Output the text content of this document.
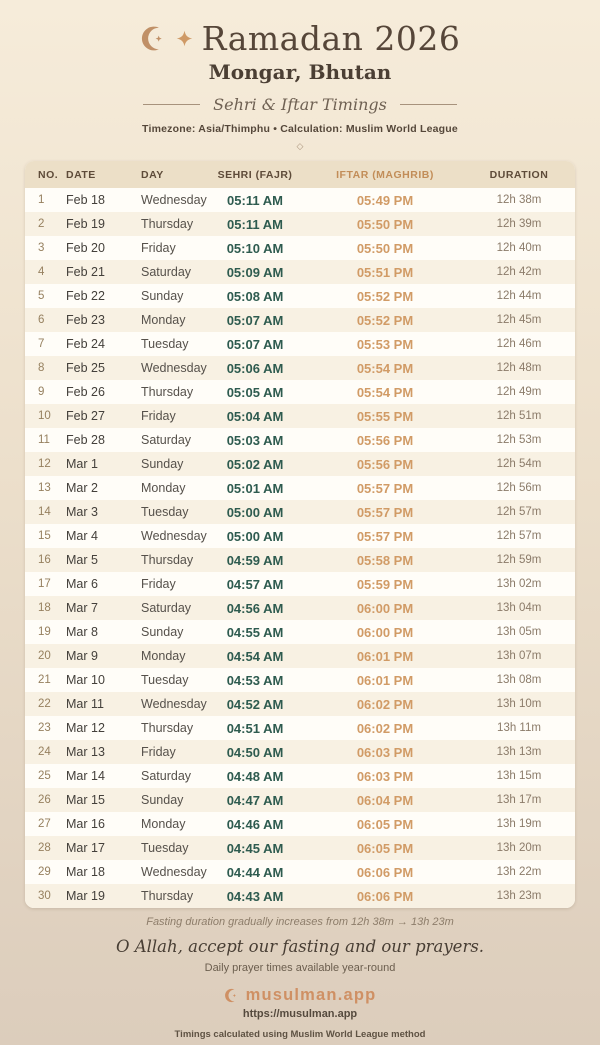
Ramadan 2026
Mongar, Bhutan
Sehri & Iftar Timings
Timezone: Asia/Thimphu • Calculation: Muslim World League
◇
NO.	DATE	DAY	SEHRI (FAJR)	IFTAR (MAGHRIB)	DURATION
1	Feb 18	Wednesday	05:11 AM	05:49 PM	12h 38m
2	Feb 19	Thursday	05:11 AM	05:50 PM	12h 39m
3	Feb 20	Friday	05:10 AM	05:50 PM	12h 40m
4	Feb 21	Saturday	05:09 AM	05:51 PM	12h 42m
5	Feb 22	Sunday	05:08 AM	05:52 PM	12h 44m
6	Feb 23	Monday	05:07 AM	05:52 PM	12h 45m
7	Feb 24	Tuesday	05:07 AM	05:53 PM	12h 46m
8	Feb 25	Wednesday	05:06 AM	05:54 PM	12h 48m
9	Feb 26	Thursday	05:05 AM	05:54 PM	12h 49m
10	Feb 27	Friday	05:04 AM	05:55 PM	12h 51m
11	Feb 28	Saturday	05:03 AM	05:56 PM	12h 53m
12	Mar 1	Sunday	05:02 AM	05:56 PM	12h 54m
13	Mar 2	Monday	05:01 AM	05:57 PM	12h 56m
14	Mar 3	Tuesday	05:00 AM	05:57 PM	12h 57m
15	Mar 4	Wednesday	05:00 AM	05:57 PM	12h 57m
16	Mar 5	Thursday	04:59 AM	05:58 PM	12h 59m
17	Mar 6	Friday	04:57 AM	05:59 PM	13h 02m
18	Mar 7	Saturday	04:56 AM	06:00 PM	13h 04m
19	Mar 8	Sunday	04:55 AM	06:00 PM	13h 05m
20	Mar 9	Monday	04:54 AM	06:01 PM	13h 07m
21	Mar 10	Tuesday	04:53 AM	06:01 PM	13h 08m
22	Mar 11	Wednesday	04:52 AM	06:02 PM	13h 10m
23	Mar 12	Thursday	04:51 AM	06:02 PM	13h 11m
24	Mar 13	Friday	04:50 AM	06:03 PM	13h 13m
25	Mar 14	Saturday	04:48 AM	06:03 PM	13h 15m
26	Mar 15	Sunday	04:47 AM	06:04 PM	13h 17m
27	Mar 16	Monday	04:46 AM	06:05 PM	13h 19m
28	Mar 17	Tuesday	04:45 AM	06:05 PM	13h 20m
29	Mar 18	Wednesday	04:44 AM	06:06 PM	13h 22m
30	Mar 19	Thursday	04:43 AM	06:06 PM	13h 23m
Fasting duration gradually increases from 12h 38m → 13h 23m
O Allah, accept our fasting and our prayers.
Daily prayer times available year-round
musulman.app
https://musulman.app
Timings calculated using Muslim World League method
